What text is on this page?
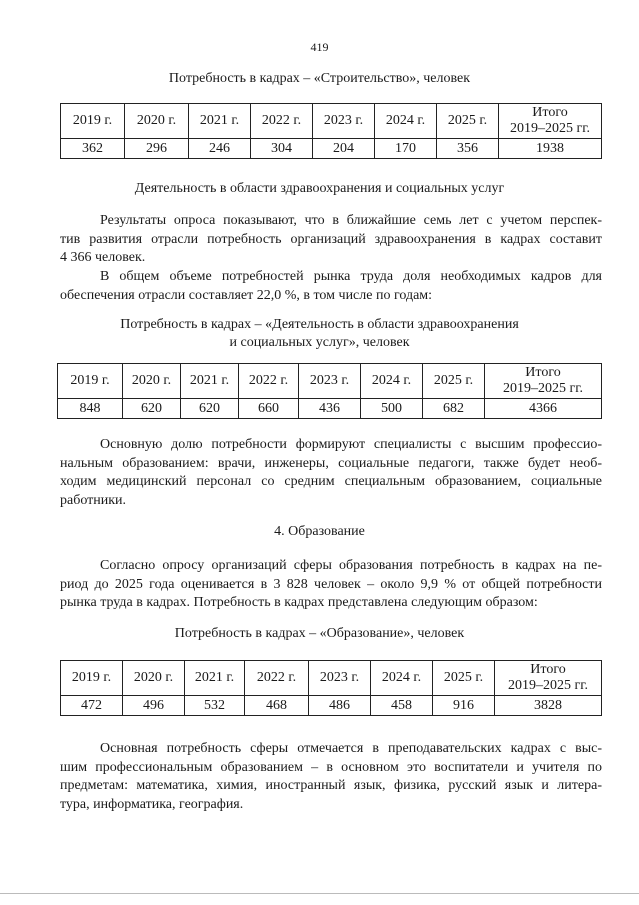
419
Потребность в кадрах – «Строительство», человек
2019 г.	2020 г.	2021 г.	2022 г.	2023 г.	2024 г.	2025 г.	Итого
2019–2025 гг.
362	296	246	304	204	170	356	1938
Деятельность в области здравоохранения и социальных услуг
Результаты опроса показывают, что в ближайшие семь лет с учетом перспек-
тив развития отрасли потребность организаций здравоохранения в кадрах составит
4 366 человек.
В общем объеме потребностей рынка труда доля необходимых кадров для
обеспечения отрасли составляет 22,0 %, в том числе по годам:
Потребность в кадрах – «Деятельность в области здравоохранения
и социальных услуг», человек
2019 г.	2020 г.	2021 г.	2022 г.	2023 г.	2024 г.	2025 г.	Итого
2019–2025 гг.
848	620	620	660	436	500	682	4366
Основную долю потребности формируют специалисты с высшим профессио-
нальным образованием: врачи, инженеры, социальные педагоги, также будет необ-
ходим медицинский персонал со средним специальным образованием, социальные
работники.
4. Образование
Согласно опросу организаций сферы образования потребность в кадрах на пе-
риод до 2025 года оценивается в 3 828 человек – около 9,9 % от общей потребности
рынка труда в кадрах. Потребность в кадрах представлена следующим образом:
Потребность в кадрах – «Образование», человек
2019 г.	2020 г.	2021 г.	2022 г.	2023 г.	2024 г.	2025 г.	Итого
2019–2025 гг.
472	496	532	468	486	458	916	3828
Основная потребность сферы отмечается в преподавательских кадрах с выс-
шим профессиональным образованием – в основном это воспитатели и учителя по
предметам: математика, химия, иностранный язык, физика, русский язык и литера-
тура, информатика, география.
